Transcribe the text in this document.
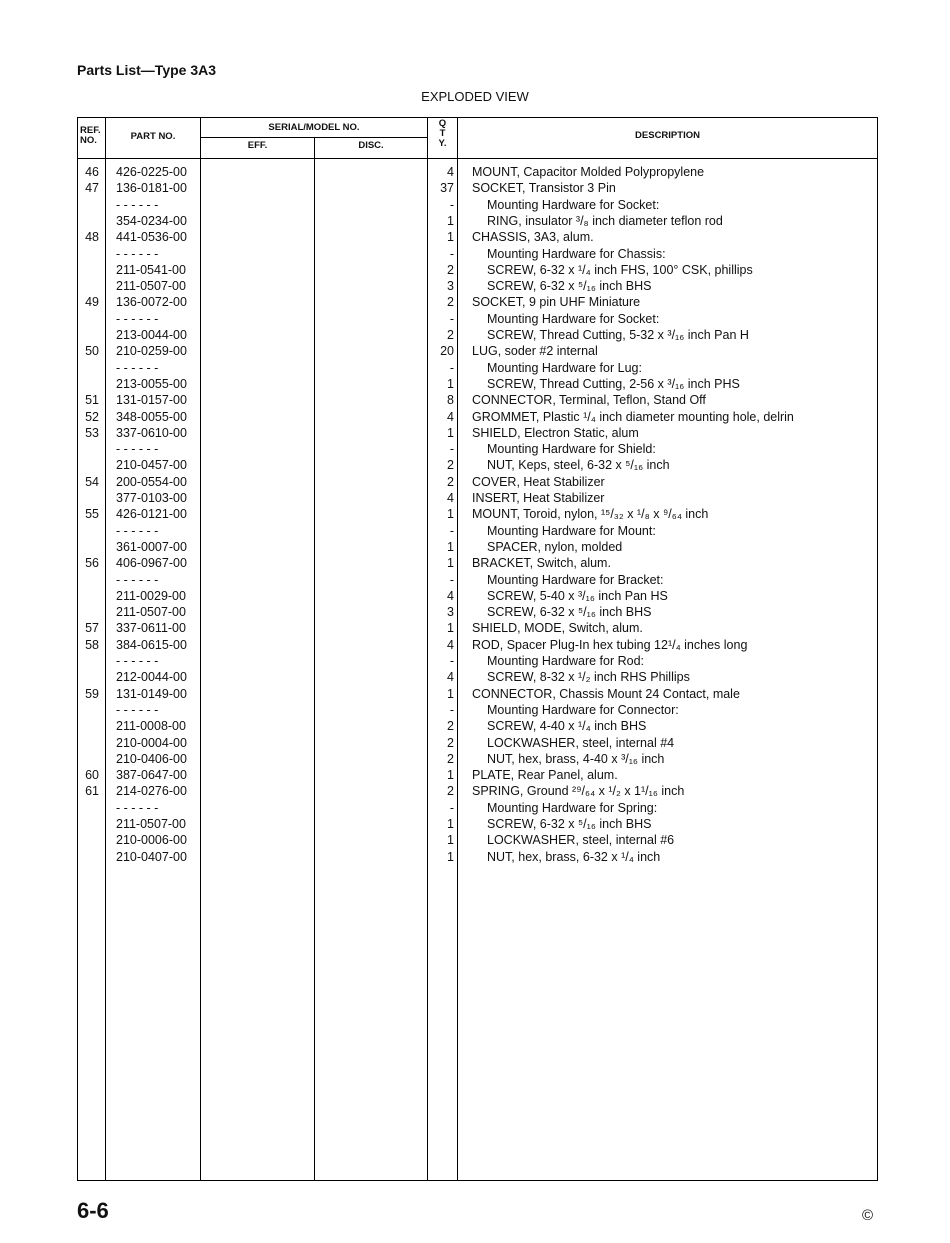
Parts List—Type 3A3
EXPLODED VIEW
REF.
NO.	PART NO.
SERIAL/MODEL NO.
EFF.	DISC.
Q
T
Y.
DESCRIPTION
46 426-0225-00	4 MOUNT, Capacitor Molded Polypropylene
47 136-0181-00	37 SOCKET, Transistor 3 Pin
- - - - - -	-	Mounting Hardware for Socket:
354-0234-00	1	RING, insulator ³/₈ inch diameter teflon rod
48 441-0536-00	1 CHASSIS, 3A3, alum.
- - - - - -	-	Mounting Hardware for Chassis:
211-0541-00	2	SCREW, 6-32 x ¹/₄ inch FHS, 100° CSK, phillips
211-0507-00	3	SCREW, 6-32 x ⁵/₁₆ inch BHS
49 136-0072-00	2 SOCKET, 9 pin UHF Miniature
- - - - - -	-	Mounting Hardware for Socket:
213-0044-00	2	SCREW, Thread Cutting, 5-32 x ³/₁₆ inch Pan H
50 210-0259-00	20 LUG, soder #2 internal
- - - - - -	-	Mounting Hardware for Lug:
213-0055-00	1	SCREW, Thread Cutting, 2-56 x ³/₁₆ inch PHS
51 131-0157-00	8 CONNECTOR, Terminal, Teflon, Stand Off
52 348-0055-00	4 GROMMET, Plastic ¹/₄ inch diameter mounting hole, delrin
53 337-0610-00	1 SHIELD, Electron Static, alum
- - - - - -	-	Mounting Hardware for Shield:
210-0457-00	2	NUT, Keps, steel, 6-32 x ⁵/₁₆ inch
54 200-0554-00	2 COVER, Heat Stabilizer
377-0103-00	4 INSERT, Heat Stabilizer
55 426-0121-00	1 MOUNT, Toroid, nylon, ¹⁵/₃₂ x ¹/₈ x ⁹/₆₄ inch
- - - - - -	-	Mounting Hardware for Mount:
361-0007-00	1	SPACER, nylon, molded
56 406-0967-00	1 BRACKET, Switch, alum.
- - - - - -	-	Mounting Hardware for Bracket:
211-0029-00	4	SCREW, 5-40 x ³/₁₆ inch Pan HS
211-0507-00	3	SCREW, 6-32 x ⁵/₁₆ inch BHS
57 337-0611-00	1 SHIELD, MODE, Switch, alum.
58 384-0615-00	4 ROD, Spacer Plug-In hex tubing 12¹/₄ inches long
- - - - - -	-	Mounting Hardware for Rod:
212-0044-00	4	SCREW, 8-32 x ¹/₂ inch RHS Phillips
59 131-0149-00	1 CONNECTOR, Chassis Mount 24 Contact, male
- - - - - -	-	Mounting Hardware for Connector:
211-0008-00	2	SCREW, 4-40 x ¹/₄ inch BHS
210-0004-00	2	LOCKWASHER, steel, internal #4
210-0406-00	2	NUT, hex, brass, 4-40 x ³/₁₆ inch
60 387-0647-00	1 PLATE, Rear Panel, alum.
61 214-0276-00	2 SPRING, Ground ²⁹/₆₄ x ¹/₂ x 1¹/₁₆ inch
- - - - - -	-	Mounting Hardware for Spring:
211-0507-00	1	SCREW, 6-32 x ⁵/₁₆ inch BHS
210-0006-00	1	LOCKWASHER, steel, internal #6
210-0407-00	1	NUT, hex, brass, 6-32 x ¹/₄ inch
6-6	©
